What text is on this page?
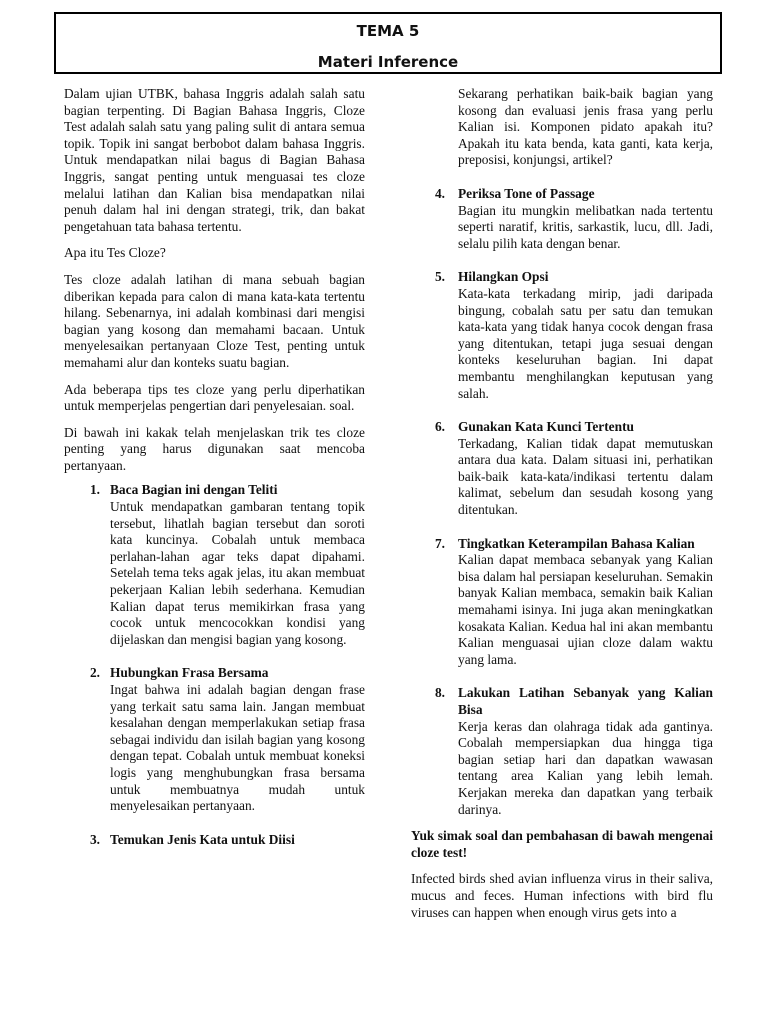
TEMA 5
Materi Inference

Dalam ujian UTBK, bahasa Inggris adalah salah satu bagian terpenting. Di Bagian Bahasa Inggris, Cloze Test adalah salah satu yang paling sulit di antara semua topik. Topik ini sangat berbobot dalam bahasa Inggris. Untuk mendapatkan nilai bagus di Bagian Bahasa Inggris, sangat penting untuk menguasai tes cloze melalui latihan dan Kalian bisa mendapatkan nilai penuh dalam hal ini dengan strategi, trik, dan bakat pengetahuan tata bahasa tertentu.

Apa itu Tes Cloze?

Tes cloze adalah latihan di mana sebuah bagian diberikan kepada para calon di mana kata-kata tertentu hilang. Sebenarnya, ini adalah kombinasi dari mengisi bagian yang kosong dan memahami bacaan. Untuk menyelesaikan pertanyaan Cloze Test, penting untuk memahami alur dan konteks suatu bagian.

Ada beberapa tips tes cloze yang perlu diperhatikan untuk memperjelas pengertian dari penyelesaian. soal.

Di bawah ini kakak telah menjelaskan trik tes cloze penting yang harus digunakan saat mencoba pertanyaan.

1. Baca Bagian ini dengan Teliti
Untuk mendapatkan gambaran tentang topik tersebut, lihatlah bagian tersebut dan soroti kata kuncinya. Cobalah untuk membaca perlahan-lahan agar teks dapat dipahami. Setelah tema teks agak jelas, itu akan membuat pekerjaan Kalian lebih sederhana. Kemudian Kalian dapat terus memikirkan frasa yang cocok untuk mencocokkan kondisi yang dijelaskan dan mengisi bagian yang kosong.
2. Hubungkan Frasa Bersama
Ingat bahwa ini adalah bagian dengan frase yang terkait satu sama lain. Jangan membuat kesalahan dengan memperlakukan setiap frasa sebagai individu dan isilah bagian yang kosong dengan tepat. Cobalah untuk membuat koneksi logis yang menghubungkan frasa bersama untuk membuatnya mudah untuk menyelesaikan pertanyaan.
3. Temukan Jenis Kata untuk Diisi
Sekarang perhatikan baik-baik bagian yang kosong dan evaluasi jenis frasa yang perlu Kalian isi. Komponen pidato apakah itu? Apakah itu kata benda, kata ganti, kata kerja, preposisi, konjungsi, artikel?
4. Periksa Tone of Passage
Bagian itu mungkin melibatkan nada tertentu seperti naratif, kritis, sarkastik, lucu, dll. Jadi, selalu pilih kata dengan benar.
5. Hilangkan Opsi
Kata-kata terkadang mirip, jadi daripada bingung, cobalah satu per satu dan temukan kata-kata yang tidak hanya cocok dengan frasa yang ditentukan, tetapi juga sesuai dengan konteks keseluruhan bagian. Ini dapat membantu menghilangkan keputusan yang salah.
6. Gunakan Kata Kunci Tertentu
Terkadang, Kalian tidak dapat memutuskan antara dua kata. Dalam situasi ini, perhatikan baik-baik kata-kata/indikasi tertentu dalam kalimat, sebelum dan sesudah kosong yang ditentukan.
7. Tingkatkan Keterampilan Bahasa Kalian
Kalian dapat membaca sebanyak yang Kalian bisa dalam hal persiapan keseluruhan. Semakin banyak Kalian membaca, semakin baik Kalian memahami isinya. Ini juga akan meningkatkan kosakata Kalian. Kedua hal ini akan membantu Kalian menguasai ujian cloze dalam waktu yang lama.
8. Lakukan Latihan Sebanyak yang Kalian Bisa
Kerja keras dan olahraga tidak ada gantinya. Cobalah mempersiapkan dua hingga tiga bagian setiap hari dan dapatkan wawasan tentang area Kalian yang lebih lemah. Kerjakan mereka dan dapatkan yang terbaik darinya.

Yuk simak soal dan pembahasan di bawah mengenai cloze test!

Infected birds shed avian influenza virus in their saliva, mucus and feces. Human infections with bird flu viruses can happen when enough virus gets into a
